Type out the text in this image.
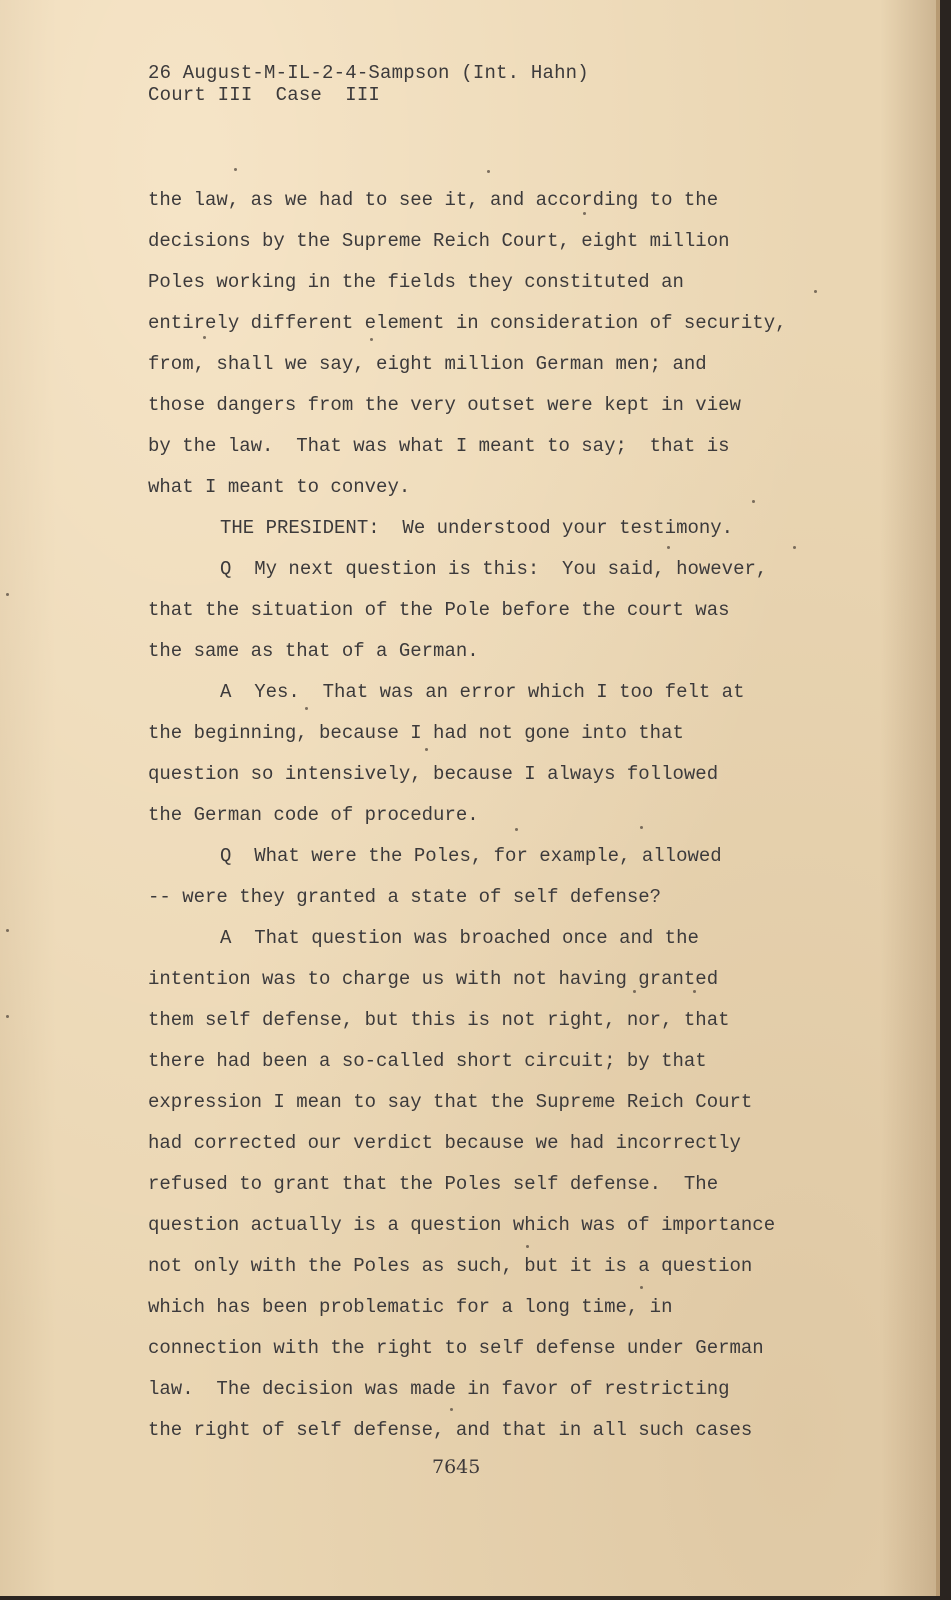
26 August-M-IL-2-4-Sampson (Int. Hahn)
Court III  Case  III
the law, as we had to see it, and according to the
decisions by the Supreme Reich Court, eight million
Poles working in the fields they constituted an
entirely different element in consideration of security,
from, shall we say, eight million German men; and
those dangers from the very outset were kept in view
by the law.  That was what I meant to say;  that is
what I meant to convey.
THE PRESIDENT:  We understood your testimony.
Q  My next question is this:  You said, however,
that the situation of the Pole before the court was
the same as that of a German.
A  Yes.  That was an error which I too felt at
the beginning, because I had not gone into that
question so intensively, because I always followed
the German code of procedure.
Q  What were the Poles, for example, allowed
-- were they granted a state of self defense?
A  That question was broached once and the
intention was to charge us with not having granted
them self defense, but this is not right, nor, that
there had been a so-called short circuit; by that
expression I mean to say that the Supreme Reich Court
had corrected our verdict because we had incorrectly
refused to grant that the Poles self defense.  The
question actually is a question which was of importance
not only with the Poles as such, but it is a question
which has been problematic for a long time, in
connection with the right to self defense under German
law.  The decision was made in favor of restricting
the right of self defense, and that in all such cases
7645
